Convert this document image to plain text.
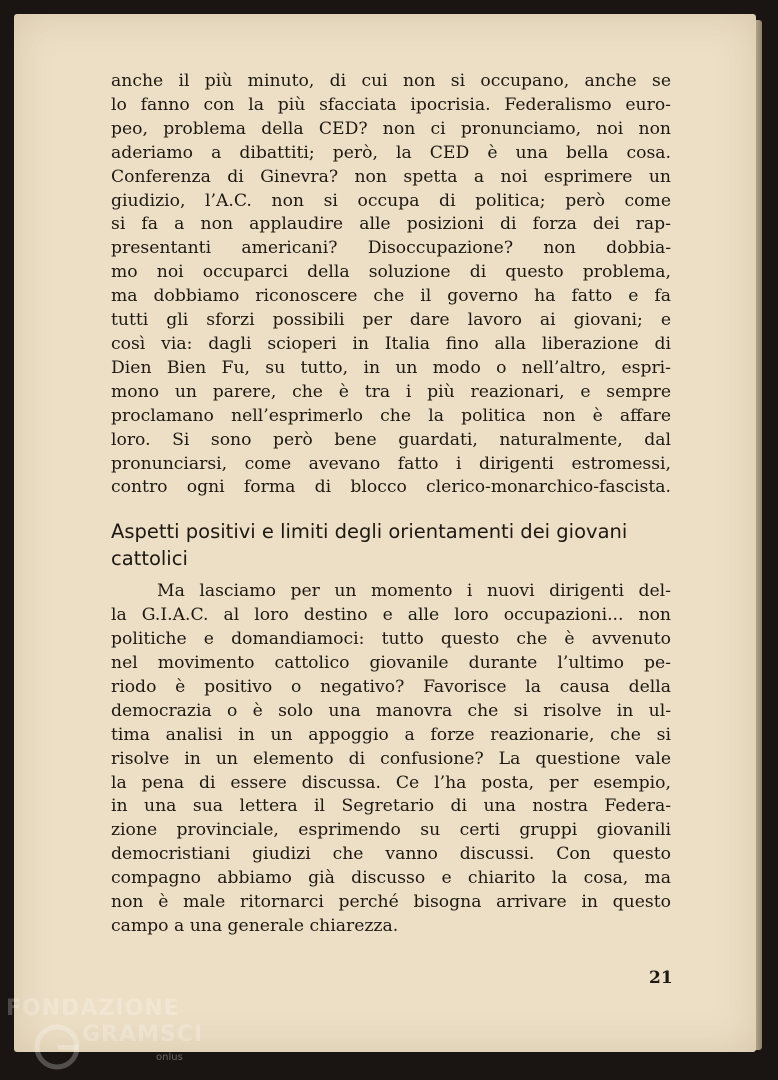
anche il più minuto, di cui non si occupano, anche se
lo fanno con la più sfacciata ipocrisia. Federalismo euro-
peo, problema della CED? non ci pronunciamo, noi non
aderiamo a dibattiti; però, la CED è una bella cosa.
Conferenza di Ginevra? non spetta a noi esprimere un
giudizio, l’A.C. non si occupa di politica; però come
si fa a non applaudire alle posizioni di forza dei rap-
presentanti americani? Disoccupazione? non dobbia-
mo noi occuparci della soluzione di questo problema,
ma dobbiamo riconoscere che il governo ha fatto e fa
tutti gli sforzi possibili per dare lavoro ai giovani; e
così via: dagli scioperi in Italia fino alla liberazione di
Dien Bien Fu, su tutto, in un modo o nell’altro, espri-
mono un parere, che è tra i più reazionari, e sempre
proclamano nell’esprimerlo che la politica non è affare
loro. Si sono però bene guardati, naturalmente, dal
pronunciarsi, come avevano fatto i dirigenti estromessi,
contro ogni forma di blocco clerico-monarchico-fascista.

Aspetti positivi e limiti degli orientamenti dei giovani
cattolici

Ma lasciamo per un momento i nuovi dirigenti del-
la G.I.A.C. al loro destino e alle loro occupazioni... non
politiche e domandiamoci: tutto questo che è avvenuto
nel movimento cattolico giovanile durante l’ultimo pe-
riodo è positivo o negativo? Favorisce la causa della
democrazia o è solo una manovra che si risolve in ul-
tima analisi in un appoggio a forze reazionarie, che si
risolve in un elemento di confusione? La questione vale
la pena di essere discussa. Ce l’ha posta, per esempio,
in una sua lettera il Segretario di una nostra Federa-
zione provinciale, esprimendo su certi gruppi giovanili
democristiani giudizi che vanno discussi. Con questo
compagno abbiamo già discusso e chiarito la cosa, ma
non è male ritornarci perché bisogna arrivare in questo
campo a una generale chiarezza.

21
FONDAZIONE
GRAMSCI
onlus
